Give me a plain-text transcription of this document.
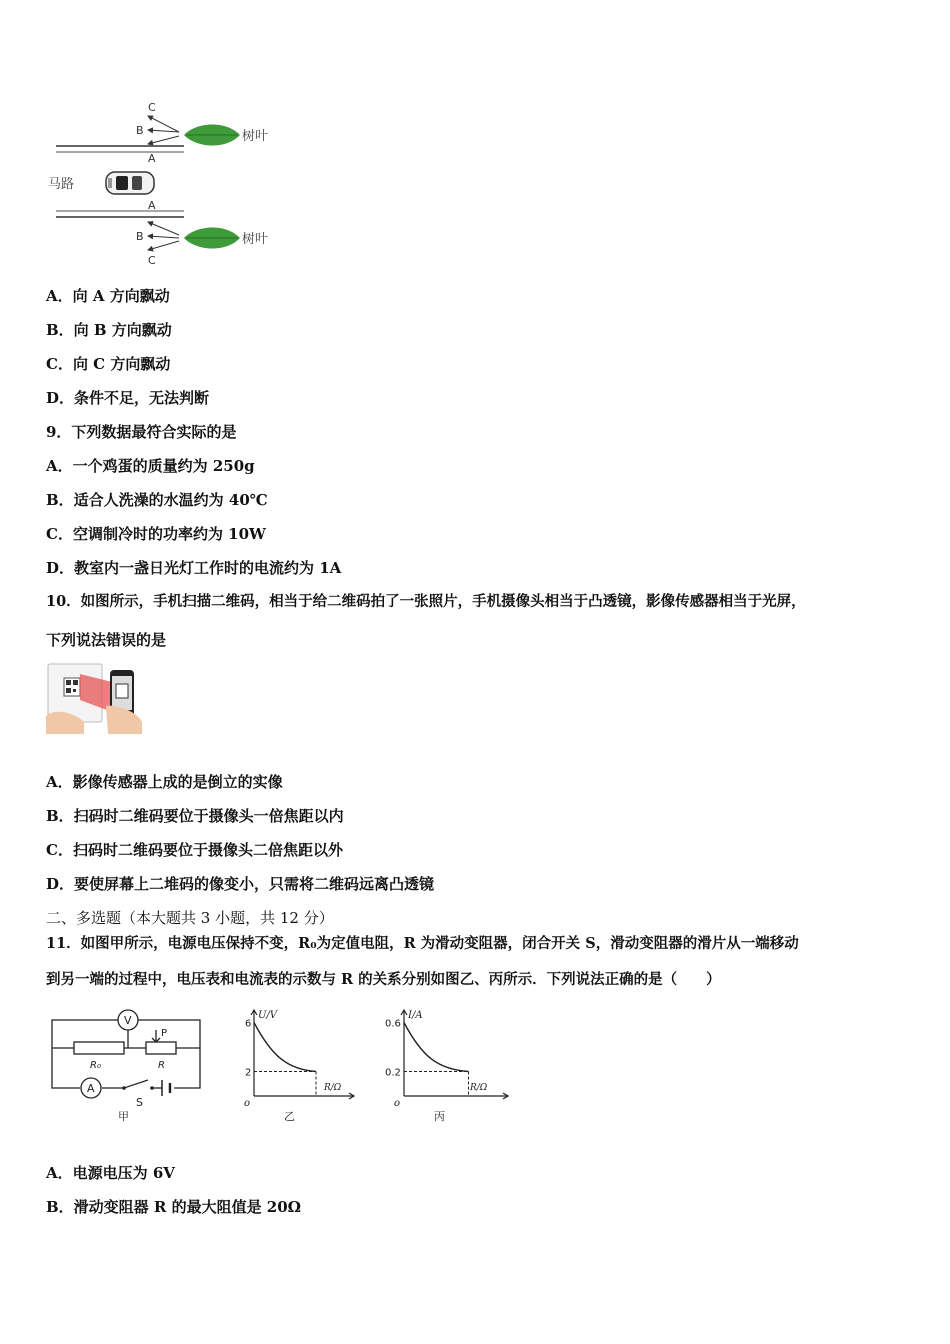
C
B
A
A
B
C
树叶
树叶
马路
A．向 A 方向飘动
B．向 B 方向飘动
C．向 C 方向飘动
D．条件不足，无法判断
9．下列数据最符合实际的是
A．一个鸡蛋的质量约为 250g
B．适合人洗澡的水温约为 40℃
C．空调制冷时的功率约为 10W
D．教室内一盏日光灯工作时的电流约为 1A
10．如图所示，手机扫描二维码，相当于给二维码拍了一张照片，手机摄像头相当于凸透镜，影像传感器相当于光屏，
下列说法错误的是
A．影像传感器上成的是倒立的实像
B．扫码时二维码要位于摄像头一倍焦距以内
C．扫码时二维码要位于摄像头二倍焦距以外
D．要使屏幕上二堆码的像变小，只需将二维码远离凸透镜
二、多选题（本大题共 3 小题，共 12 分）
11．如图甲所示，电源电压保持不变，R₀为定值电阻，R 为滑动变阻器，闭合开关 S，滑动变阻器的滑片从一端移动
到另一端的过程中，电压表和电流表的示数与 R 的关系分别如图乙、丙所示．下列说法正确的是（　　）
V
A
R₀	R
P
S
甲
6
2
U/V
R/Ω
o
乙
0.6
0.2
I/A
R/Ω
o
丙
A．电源电压为 6V
B．滑动变阻器 R 的最大阻值是 20Ω
